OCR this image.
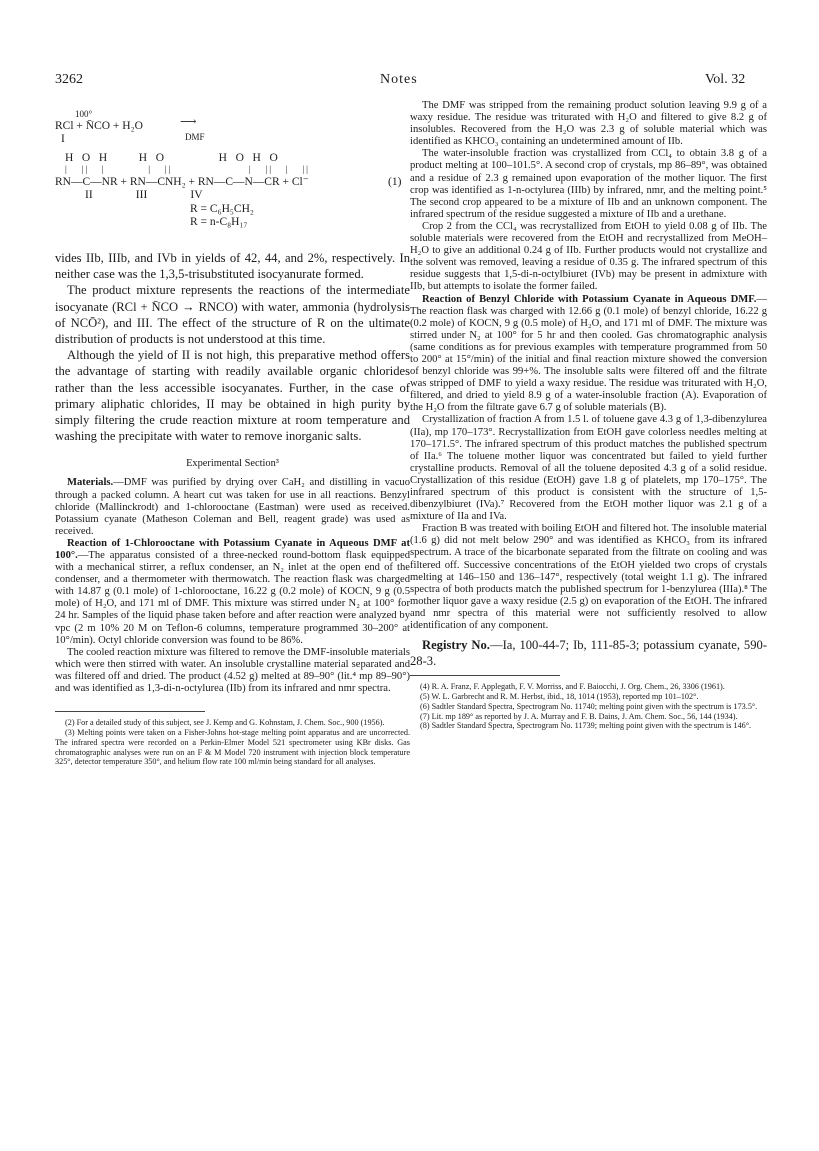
3262	Notes	Vol. 32
100°
RCl + N̄CO + H₂O	⟶
DMF
I
H   O   H           H   O                   H   O   H   O
|   ||   |          |   ||                  |   ||   |   ||
RN—C—NR + RN—CNH₂ + RN—C—N—CR + Cl⁻	(1)
II               III               IV
R = C₆H₅CH₂
R = n-C₈H₁₇

vides IIb, IIIb, and IVb in yields of 42, 44, and 2%, respectively. In neither case was the 1,3,5-trisubstituted isocyanurate formed.

The product mixture represents the reactions of the intermediate isocyanate (RCl + N̄CO → RNCO) with water, ammonia (hydrolysis of NCŌ²), and III. The effect of the structure of R on the ultimate distribution of products is not understood at this time.

Although the yield of II is not high, this preparative method offers the advantage of starting with readily available organic chlorides rather than the less accessible isocyanates. Further, in the case of primary aliphatic chlorides, II may be obtained in high purity by simply filtering the crude reaction mixture at room temperature and washing the precipitate with water to remove inorganic salts.

Experimental Section³

Materials.—DMF was purified by drying over CaH₂ and distilling in vacuo through a packed column. A heart cut was taken for use in all reactions. Benzyl chloride (Mallinckrodt) and 1-chlorooctane (Eastman) were used as received. Potassium cyanate (Matheson Coleman and Bell, reagent grade) was used as received.

Reaction of 1-Chlorooctane with Potassium Cyanate in Aqueous DMF at 100°.—The apparatus consisted of a three-necked round-bottom flask equipped with a mechanical stirrer, a reflux condenser, an N₂ inlet at the open end of the condenser, and a thermometer with thermowatch. The reaction flask was charged with 14.87 g (0.1 mole) of 1-chlorooctane, 16.22 g (0.2 mole) of KOCN, 9 g (0.5 mole) of H₂O, and 171 ml of DMF. This mixture was stirred under N₂ at 100° for 24 hr. Samples of the liquid phase taken before and after reaction were analyzed by vpc (2 m 10% 20 M on Teflon-6 columns, temperature programmed 30–200° at 10°/min). Octyl chloride conversion was found to be 86%.

The cooled reaction mixture was filtered to remove the DMF-insoluble materials which were then stirred with water. An insoluble crystalline material separated and was filtered off and dried. The product (4.52 g) melted at 89–90° (lit.⁴ mp 89–90°) and was identified as 1,3-di-n-octylurea (IIb) from its infrared and nmr spectra.

(2) For a detailed study of this subject, see J. Kemp and G. Kohnstam, J. Chem. Soc., 900 (1956).

(3) Melting points were taken on a Fisher-Johns hot-stage melting point apparatus and are uncorrected. The infrared spectra were recorded on a Perkin-Elmer Model 521 spectrometer using KBr disks. Gas chromatographic analyses were run on an F & M Model 720 instrument with injection block temperature 325°, detector temperature 350°, and helium flow rate 100 ml/min being standard for all analyses.

The DMF was stripped from the remaining product solution leaving 9.9 g of a waxy residue. The residue was triturated with H₂O and filtered to give 8.2 g of insolubles. Recovered from the H₂O was 2.3 g of soluble material which was identified as KHCO₃ containing an undetermined amount of IIb.

The water-insoluble fraction was crystallized from CCl₄ to obtain 3.8 g of a product melting at 100–101.5°. A second crop of crystals, mp 86–89°, was obtained and a residue of 2.3 g remained upon evaporation of the mother liquor. The first crop was identified as 1-n-octylurea (IIIb) by infrared, nmr, and the melting point.⁵ The second crop appeared to be a mixture of IIb and an unknown component. The infrared spectrum of the residue suggested a mixture of IIb and a urethane.

Crop 2 from the CCl₄ was recrystallized from EtOH to yield 0.08 g of IIb. The soluble materials were recovered from the EtOH and recrystallized from MeOH–H₂O to give an additional 0.24 g of IIb. Further products would not crystallize and the solvent was removed, leaving a residue of 0.35 g. The infrared spectrum of this residue suggests that 1,5-di-n-octylbiuret (IVb) may be present in admixture with IIb, but attempts to isolate the former failed.

Reaction of Benzyl Chloride with Potassium Cyanate in Aqueous DMF.—The reaction flask was charged with 12.66 g (0.1 mole) of benzyl chloride, 16.22 g (0.2 mole) of KOCN, 9 g (0.5 mole) of H₂O, and 171 ml of DMF. The mixture was stirred under N₂ at 100° for 5 hr and then cooled. Gas chromatographic analysis (same conditions as for previous examples with temperature programmed from 50 to 200° at 15°/min) of the initial and final reaction mixture showed the conversion of benzyl chloride was 99+%. The insoluble salts were filtered off and the filtrate was stripped of DMF to yield a waxy residue. The residue was triturated with H₂O, filtered, and dried to yield 8.9 g of a water-insoluble fraction (A). Evaporation of the H₂O from the filtrate gave 6.7 g of soluble materials (B).

Crystallization of fraction A from 1.5 l. of toluene gave 4.3 g of 1,3-dibenzylurea (IIa), mp 170–173°. Recrystallization from EtOH gave colorless needles melting at 170–171.5°. The infrared spectrum of this product matches the published spectrum of IIa.⁶ The toluene mother liquor was concentrated but failed to yield further crystalline products. Removal of all the toluene deposited 4.3 g of a solid residue. Crystallization of this residue (EtOH) gave 1.8 g of platelets, mp 170–175°. The infrared spectrum of this product is consistent with the structure of 1,5-dibenzylbiuret (IVa).⁷ Recovered from the EtOH mother liquor was 2.1 g of a mixture of IIa and IVa.

Fraction B was treated with boiling EtOH and filtered hot. The insoluble material (1.6 g) did not melt below 290° and was identified as KHCO₃ from its infrared spectrum. A trace of the bicarbonate separated from the filtrate on cooling and was filtered off. Successive concentrations of the EtOH yielded two crops of crystals melting at 146–150 and 136–147°, respectively (total weight 1.1 g). The infrared spectra of both products match the published spectrum for 1-benzylurea (IIIa).⁸ The mother liquor gave a waxy residue (2.5 g) on evaporation of the EtOH. The infrared and nmr spectra of this material were not sufficiently resolved to allow identification of any component.

Registry No.—Ia, 100-44-7; Ib, 111-85-3; potassium cyanate, 590-28-3.

(4) R. A. Franz, F. Applegath, F. V. Morriss, and F. Baiocchi, J. Org. Chem., 26, 3306 (1961).

(5) W. L. Garbrecht and R. M. Herbst, ibid., 18, 1014 (1953), reported mp 101–102°.

(6) Sadtler Standard Spectra, Spectrogram No. 11740; melting point given with the spectrum is 173.5°.

(7) Lit. mp 189° as reported by J. A. Murray and F. B. Dains, J. Am. Chem. Soc., 56, 144 (1934).

(8) Sadtler Standard Spectra, Spectrogram No. 11739; melting point given with the spectrum is 146°.
